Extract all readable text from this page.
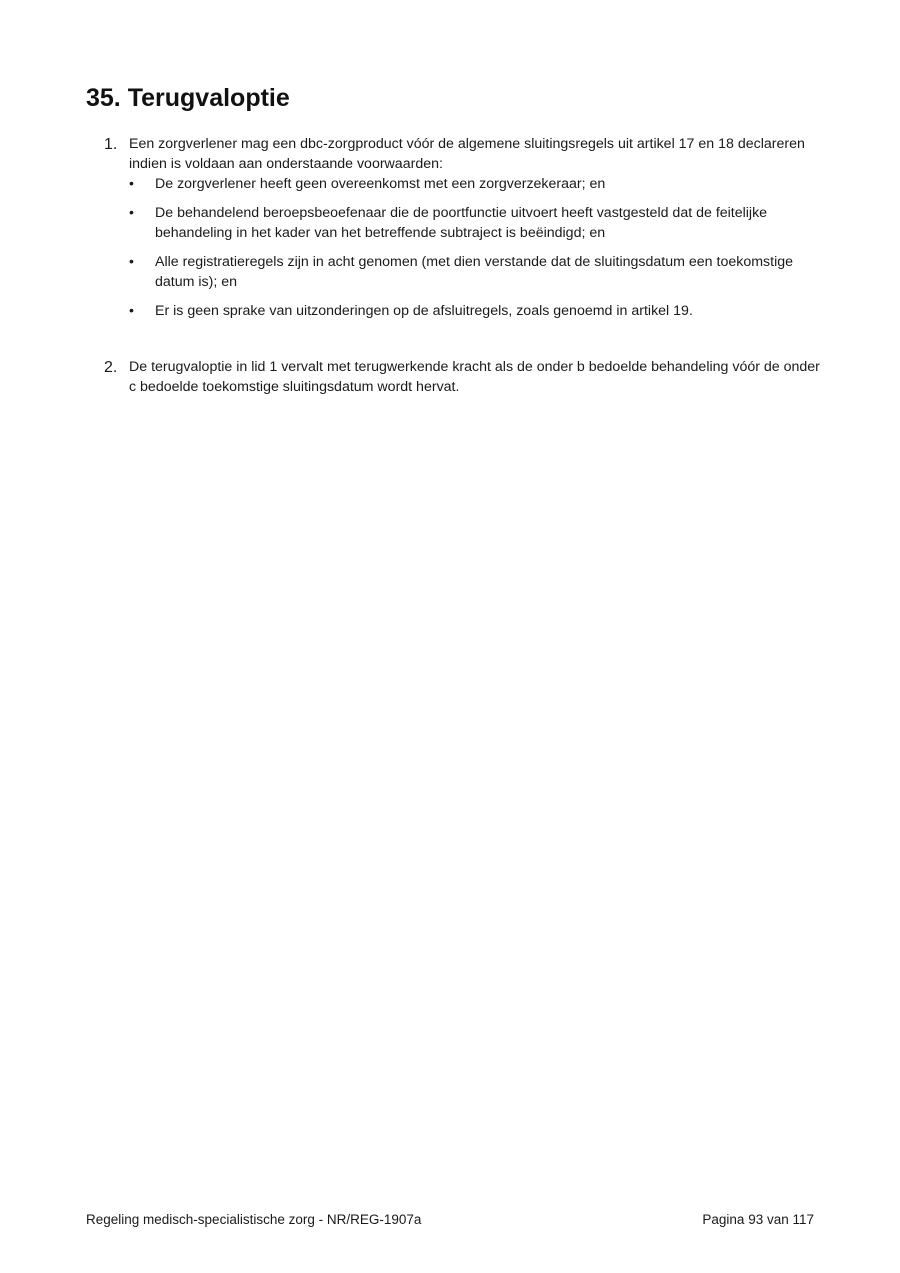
35. Terugvaloptie
1. Een zorgverlener mag een dbc-zorgproduct vóór de algemene sluitingsregels uit artikel 17 en 18 declareren indien is voldaan aan onderstaande voorwaarden:
• De zorgverlener heeft geen overeenkomst met een zorgverzekeraar; en
• De behandelend beroepsbeoefenaar die de poortfunctie uitvoert heeft vastgesteld dat de feitelijke behandeling in het kader van het betreffende subtraject is beëindigd; en
• Alle registratieregels zijn in acht genomen (met dien verstande dat de sluitingsdatum een toekomstige datum is); en
• Er is geen sprake van uitzonderingen op de afsluitregels, zoals genoemd in artikel 19.
2. De terugvaloptie in lid 1 vervalt met terugwerkende kracht als de onder b bedoelde behandeling vóór de onder c bedoelde toekomstige sluitingsdatum wordt hervat.
Regeling medisch-specialistische zorg - NR/REG-1907a	Pagina 93 van 117
